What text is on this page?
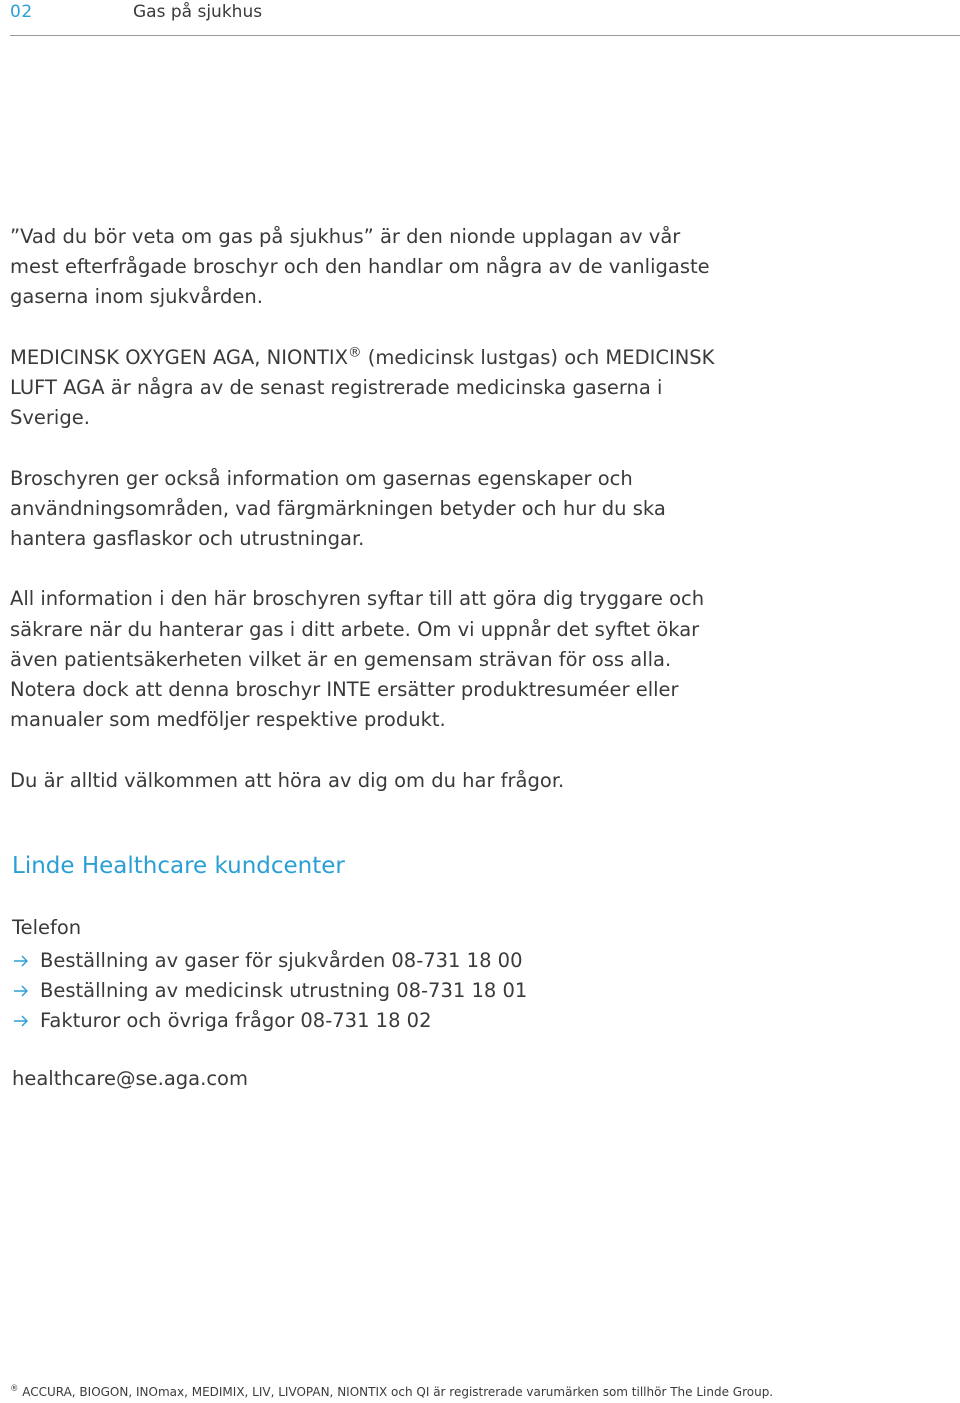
02	Gas på sjukhus

”Vad du bör veta om gas på sjukhus” är den nionde upplagan av vår mest efterfrågade broschyr och den handlar om några av de vanligaste gaserna inom sjukvården.

MEDICINSK OXYGEN AGA, NIONTIX® (medicinsk lustgas) och MEDICINSK LUFT AGA är några av de senast registrerade medicinska gaserna i Sverige.

Broschyren ger också information om gasernas egenskaper och användningsområden, vad färgmärkningen betyder och hur du ska hantera gasflaskor och utrustningar.

All information i den här broschyren syftar till att göra dig tryggare och säkrare när du hanterar gas i ditt arbete. Om vi uppnår det syftet ökar även patientsäkerheten vilket är en gemensam strävan för oss alla. Notera dock att denna broschyr INTE ersätter produktresuméer eller manualer som medföljer respektive produkt.

Du är alltid välkommen att höra av dig om du har frågor.

Linde Healthcare kundcenter
Telefon
Beställning av gaser för sjukvården 08-731 18 00
Beställning av medicinsk utrustning 08-731 18 01
Fakturor och övriga frågor 08-731 18 02
healthcare@se.aga.com
® ACCURA, BIOGON, INOmax, MEDIMIX, LIV, LIVOPAN, NIONTIX och QI är registrerade varumärken som tillhör The Linde Group.
